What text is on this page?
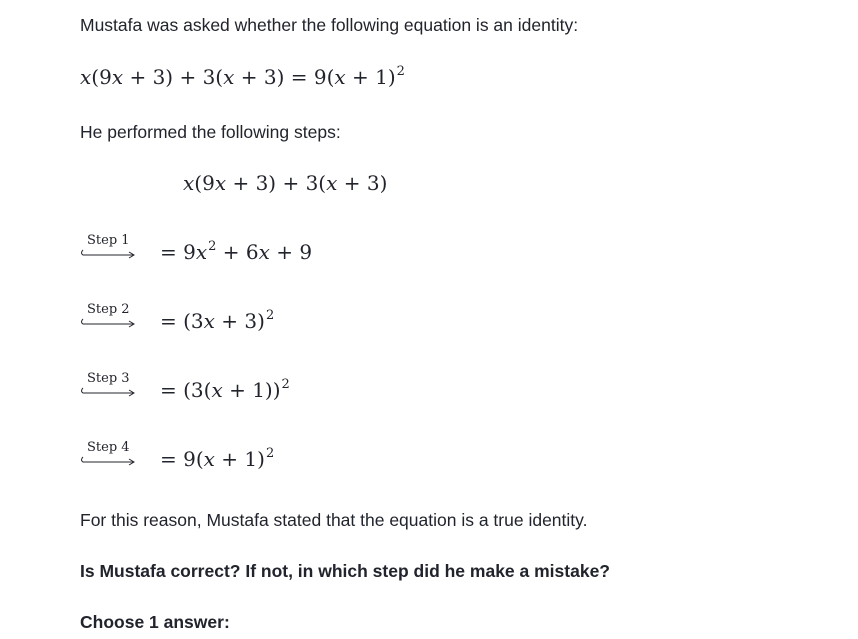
Mustafa was asked whether the following equation is an identity:
$x(9x + 3) + 3(x + 3) = 9(x + 1)^2$
He performed the following steps:
x(9x + 3) + 3(x + 3)
Step $1 = 9x^2 + 6x + 9$
Step $2 = (3x + 3)^2$
Step $3 = (3(x + 1))^2$
Step $4 = 9(x + 1)^2$
For this reason, Mustafa stated that the equation is a true identity.
Is Mustafa correct? If not, in which step did he make a mistake?
Choose 1 answer:
